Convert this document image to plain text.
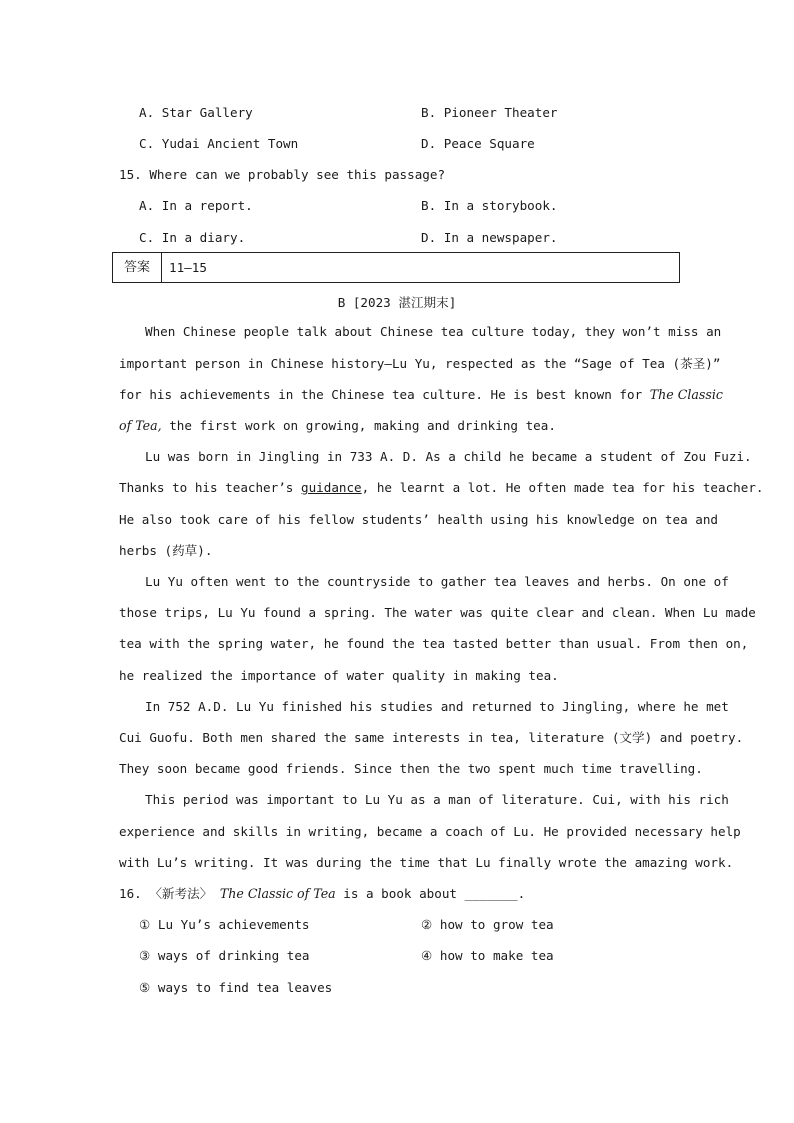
A. Star Gallery	B. Pioneer Theater
C. Yudai Ancient Town	D. Peace Square
15. Where can we probably see this passage?
A. In a report.	B. In a storybook.
C. In a diary.	D. In a newspaper.
答案	11—15
B [2023 湛江期末]
When Chinese people talk about Chinese tea culture today, they won’t miss an
important person in Chinese history—Lu Yu, respected as the “Sage of Tea (茶圣)”
for his achievements in the Chinese tea culture. He is best known for The Classic
of Tea, the first work on growing, making and drinking tea.
Lu was born in Jingling in 733 A. D. As a child he became a student of Zou Fuzi.
Thanks to his teacher’s guidance, he learnt a lot. He often made tea for his teacher.
He also took care of his fellow students’ health using his knowledge on tea and
herbs (药草).
Lu Yu often went to the countryside to gather tea leaves and herbs. On one of
those trips, Lu Yu found a spring. The water was quite clear and clean. When Lu made
tea with the spring water, he found the tea tasted better than usual. From then on,
he realized the importance of water quality in making tea.
In 752 A.D. Lu Yu finished his studies and returned to Jingling, where he met
Cui Guofu. Both men shared the same interests in tea, literature (文学) and poetry.
They soon became good friends. Since then the two spent much time travelling.
This period was important to Lu Yu as a man of literature. Cui, with his rich
experience and skills in writing, became a coach of Lu. He provided necessary help
with Lu’s writing. It was during the time that Lu finally wrote the amazing work.
16. 〈新考法〉 The Classic of Tea is a book about _______.
① Lu Yu’s achievements	② how to grow tea
③ ways of drinking tea	④ how to make tea
⑤ ways to find tea leaves
